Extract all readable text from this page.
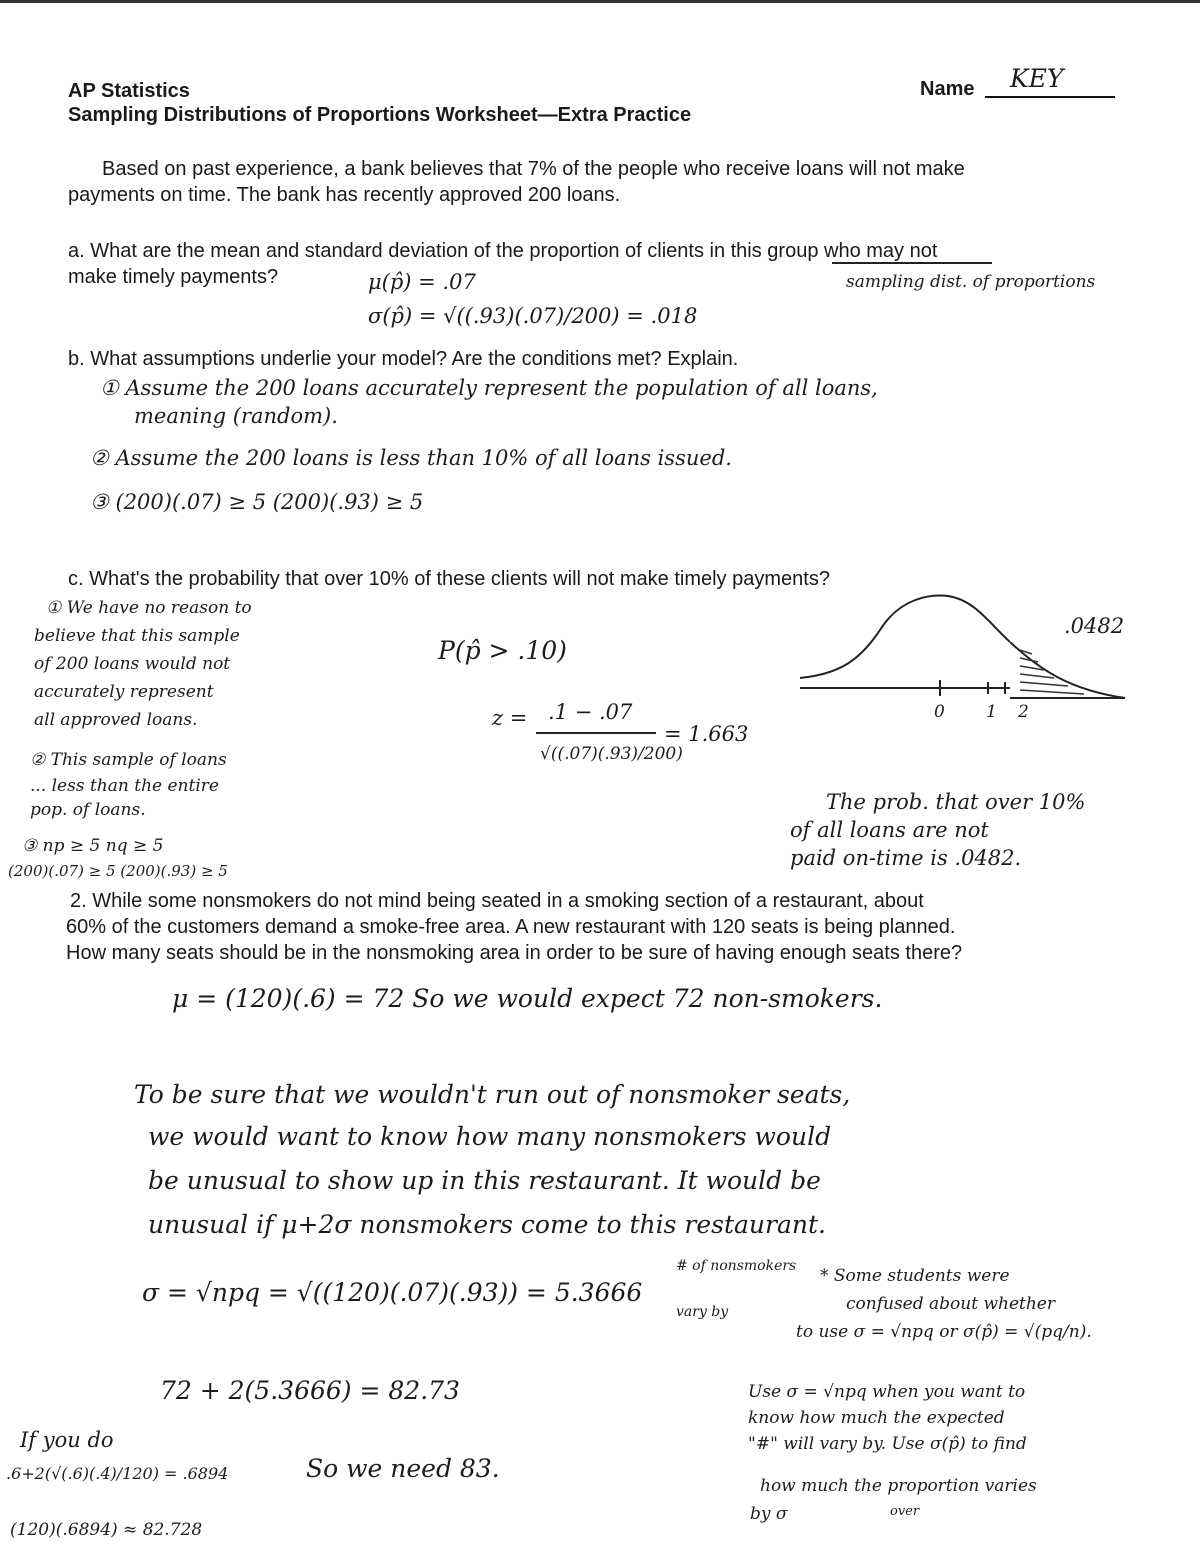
AP Statistics
Sampling Distributions of Proportions Worksheet—Extra Practice
Name KEY
Based on past experience, a bank believes that 7% of the people who receive loans will not make
payments on time. The bank has recently approved 200 loans.
a. What are the mean and standard deviation of the proportion of clients in this group who may not
make timely payments?	μ(p̂) = .07	sampling dist. of proportions
σ(p̂) = √((.93)(.07)/200) = .018
b. What assumptions underlie your model? Are the conditions met? Explain.
① Assume the 200 loans accurately represent the population of all loans,
meaning (random).
② Assume the 200 loans is less than 10% of all loans issued.
③ (200)(.07) ≥ 5 (200)(.93) ≥ 5
c. What's the probability that over 10% of these clients will not make timely payments?
① We have no reason to
believe that this sample
of 200 loans would not
accurately represent
all approved loans.
② This sample of loans
... less than the entire
pop. of loans.
③ np ≥ 5 nq ≥ 5
(200)(.07) ≥ 5 (200)(.93) ≥ 5
P(p̂ > .10)
z = .1 − .07
√((.07)(.93)/200)
= 1.663
.0482
0 1 2
The prob. that over 10%
of all loans are not
paid on-time is .0482.
2. While some nonsmokers do not mind being seated in a smoking section of a restaurant, about
60% of the customers demand a smoke-free area. A new restaurant with 120 seats is being planned.
How many seats should be in the nonsmoking area in order to be sure of having enough seats there?
μ = (120)(.6) = 72 So we would expect 72 non-smokers.
To be sure that we wouldn't run out of nonsmoker seats,
we would want to know how many nonsmokers would
be unusual to show up in this restaurant. It would be
unusual if μ+2σ nonsmokers come to this restaurant.
σ = √npq = √((120)(.07)(.93)) = 5.3666
# of nonsmokers
vary by
72 + 2(5.3666) = 82.73
So we need 83.
* Some students were
confused about whether
to use σ = √npq or σ(p̂) = √(pq/n).
Use σ = √npq when you want to
know how much the expected
"#" will vary by. Use σ(p̂) to find
how much the proportion varies
by σ	over
If you do
.6+2(√(.6)(.4)/120) = .6894
(120)(.6894) ≈ 82.728
